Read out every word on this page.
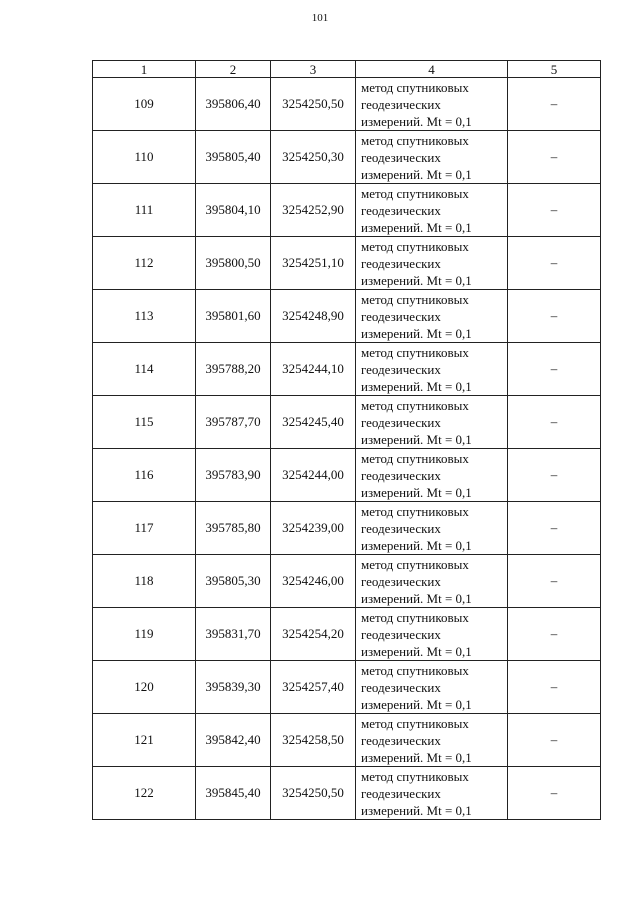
101
1	2	3	4	5
109	395806,40	3254250,50	метод спутниковых
геодезических
измерений. Mt = 0,1	–
110	395805,40	3254250,30	метод спутниковых
геодезических
измерений. Mt = 0,1	–
111	395804,10	3254252,90	метод спутниковых
геодезических
измерений. Mt = 0,1	–
112	395800,50	3254251,10	метод спутниковых
геодезических
измерений. Mt = 0,1	–
113	395801,60	3254248,90	метод спутниковых
геодезических
измерений. Mt = 0,1	–
114	395788,20	3254244,10	метод спутниковых
геодезических
измерений. Mt = 0,1	–
115	395787,70	3254245,40	метод спутниковых
геодезических
измерений. Mt = 0,1	–
116	395783,90	3254244,00	метод спутниковых
геодезических
измерений. Mt = 0,1	–
117	395785,80	3254239,00	метод спутниковых
геодезических
измерений. Mt = 0,1	–
118	395805,30	3254246,00	метод спутниковых
геодезических
измерений. Mt = 0,1	–
119	395831,70	3254254,20	метод спутниковых
геодезических
измерений. Mt = 0,1	–
120	395839,30	3254257,40	метод спутниковых
геодезических
измерений. Mt = 0,1	–
121	395842,40	3254258,50	метод спутниковых
геодезических
измерений. Mt = 0,1	–
122	395845,40	3254250,50	метод спутниковых
геодезических
измерений. Mt = 0,1	–
